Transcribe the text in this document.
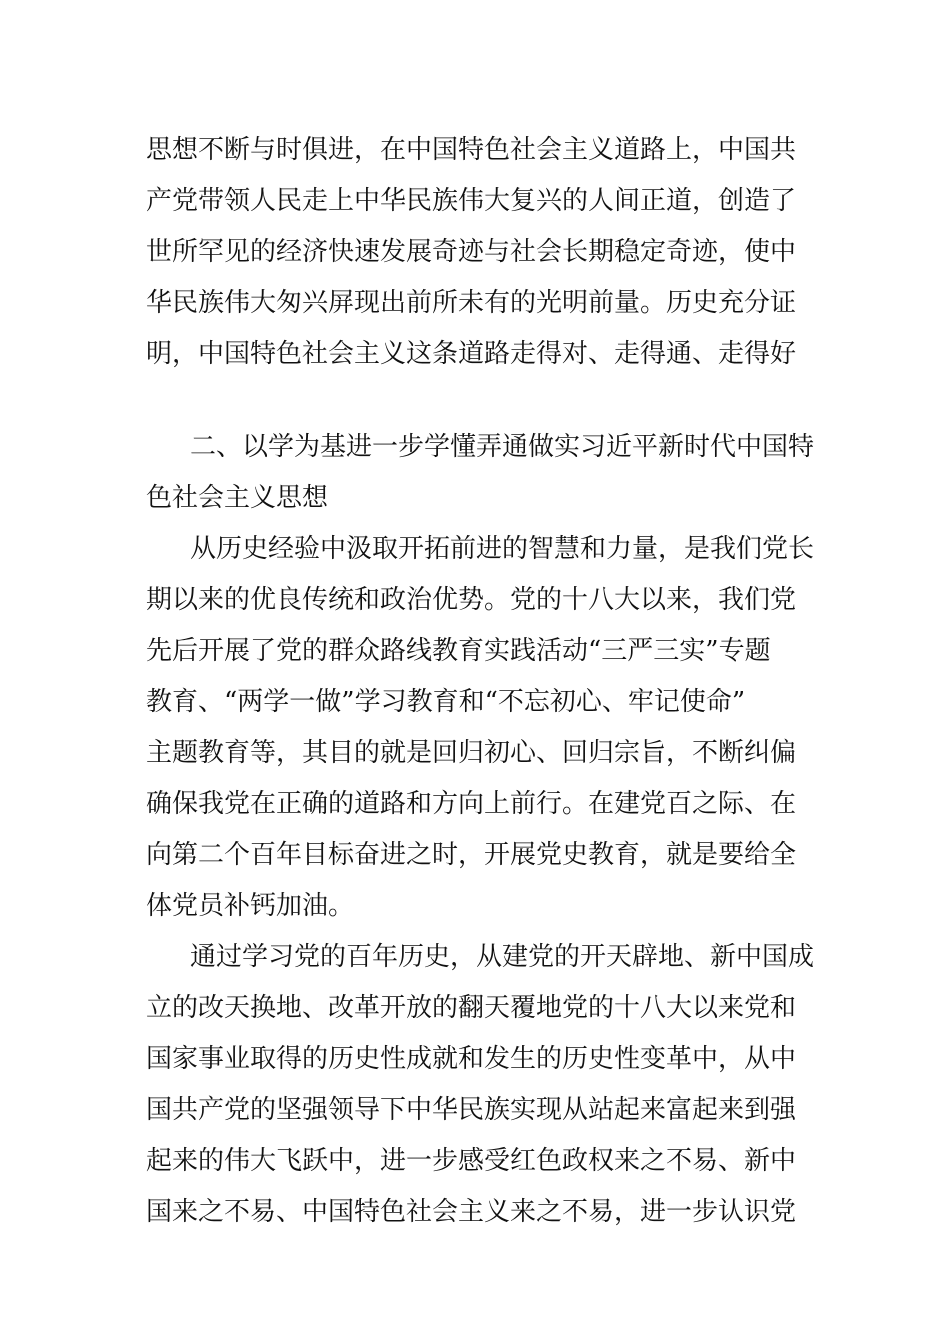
思想不断与时俱进，在中国特色社会主义道路上，中国共
产党带领人民走上中华民族伟大复兴的人间正道，创造了
世所罕见的经济快速发展奇迹与社会长期稳定奇迹，使中
华民族伟大匆兴屏现出前所未有的光明前量。历史充分证
明，中国特色社会主义这条道路走得对、走得通、走得好
二、以学为基进一步学懂弄通做实习近平新时代中国特
色社会主义思想
从历史经验中汲取开拓前进的智慧和力量，是我们党长
期以来的优良传统和政治优势。党的十八大以来，我们党
先后开展了党的群众路线教育实践活动“三严三实”专题
教育、“两学一做”学习教育和“不忘初心、牢记使命”
主题教育等，其目的就是回归初心、回归宗旨，不断纠偏
确保我党在正确的道路和方向上前行。在建党百之际、在
向第二个百年目标奋进之时，开展党史教育，就是要给全
体党员补钙加油。
通过学习党的百年历史，从建党的开天辟地、新中国成
立的改天换地、改革开放的翻天覆地党的十八大以来党和
国家事业取得的历史性成就和发生的历史性变革中，从中
国共产党的坚强领导下中华民族实现从站起来富起来到强
起来的伟大飞跃中，进一步感受红色政权来之不易、新中
国来之不易、中国特色社会主义来之不易，进一步认识党
